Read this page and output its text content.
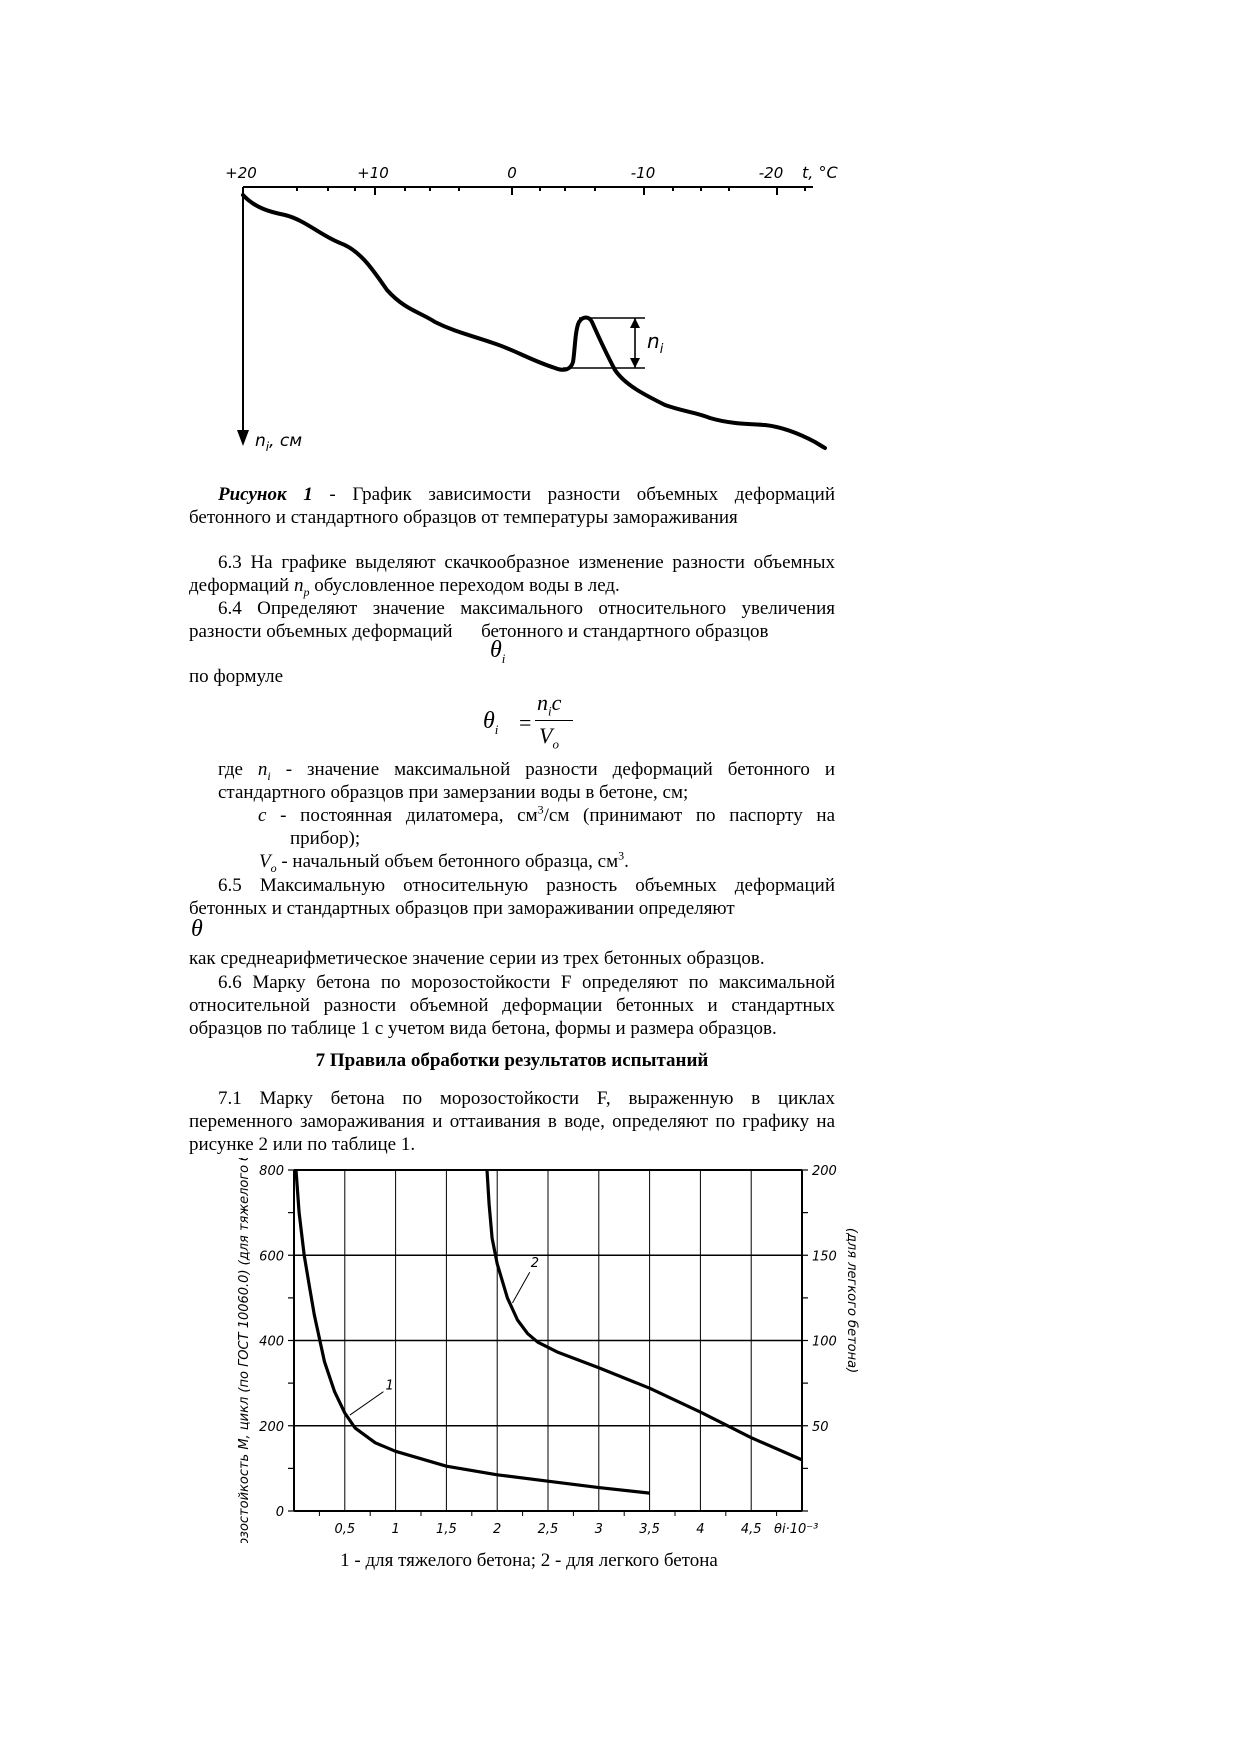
+20	+10	0	-10	-20 t, °C
$n_i$, см
$n_i$
Рисунок 1 - График зависимости разности объемных деформаций бетонного и стандартного образцов от температуры замораживания
6.3 На графике выделяют скачкообразное изменение разности объемных деформаций $n_р$ обусловленное переходом воды в лед.
6.4 Определяют значение максимального относительного увеличения разности объемных деформаций бетонного и стандартного образцов
$\theta_i$
по формуле
$\theta_i$ =
$n_ic$
$V_o$
где $n_i$ - значение максимальной разности деформаций бетонного и стандартного образцов при замерзании воды в бетоне, см;
с - постоянная дилатомера, $см^3/см$ (принимают по паспорту на прибор);
$V_o$ - начальный объем бетонного образца, $см^3$.
6.5 Максимальную относительную разность объемных деформаций бетонных и стандартных образцов при замораживании определяют
θ
как среднеарифметическое значение серии из трех бетонных образцов.
6.6 Марку бетона по морозостойкости F определяют по максимальной относительной разности объемной деформации бетонных и стандартных образцов по таблице 1 с учетом вида бетона, формы и размера образцов.
7 Правила обработки результатов испытаний
7.1 Марку бетона по морозостойкости F, выраженную в циклах переменного замораживания и оттаивания в воде, определяют по графику на рисунке 2 или по таблице 1.
0
200
400
600
800
50
100
150
200
0,5	1	1,5	2	2,5	3	3,5	4	4,5 θi·10⁻³
Морозостойкость М, цикл (по ГОСТ 10060.0) (для тяжелого бетона)	(для легкого бетона)
1
2
1 - для тяжелого бетона; 2 - для легкого бетона
